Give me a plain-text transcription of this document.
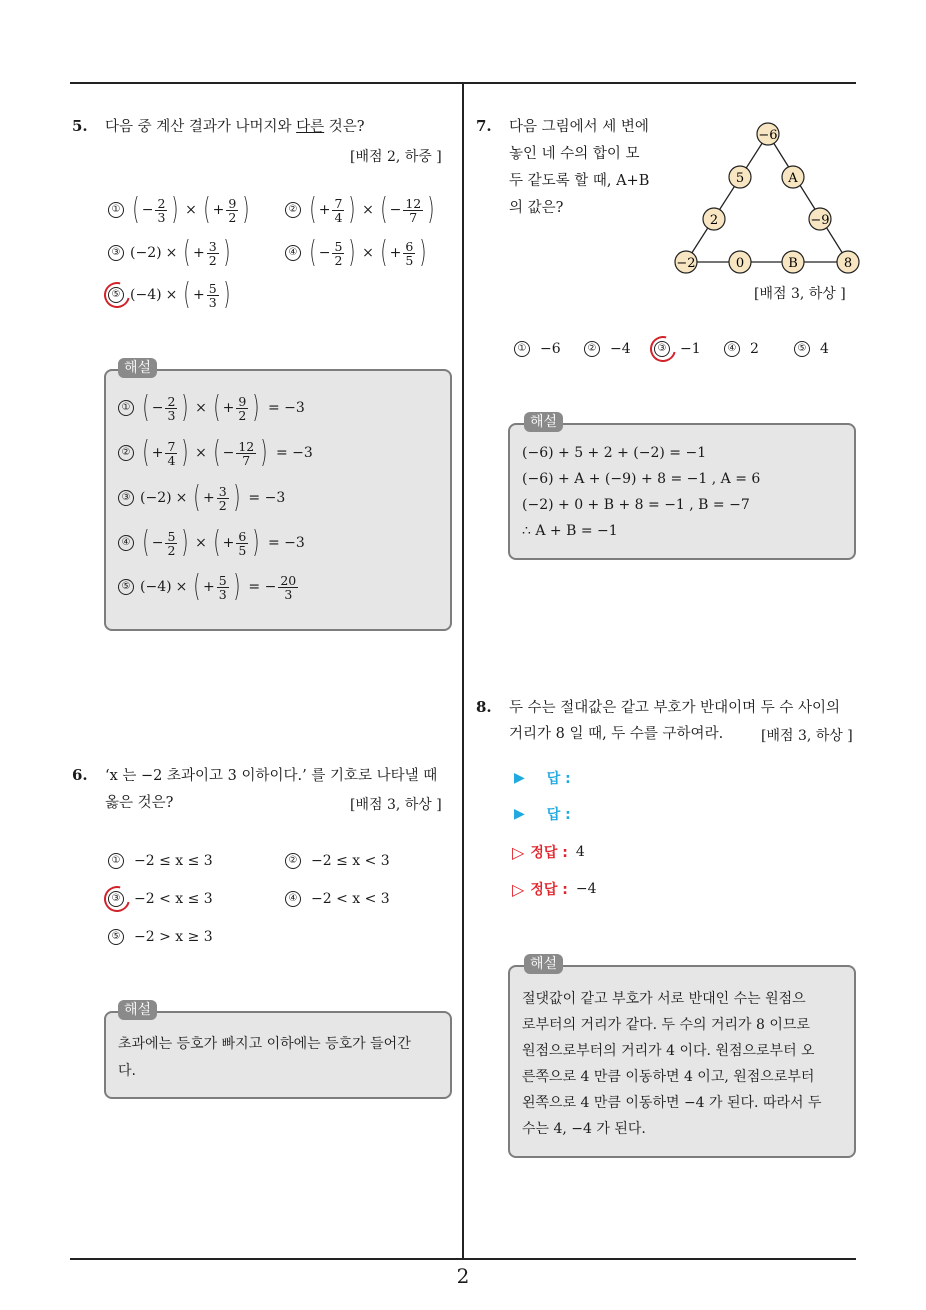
5. 다음 중 계산 결과가 나머지와 다른 것은?
[배점 2, 하중 ]
① ( − $\frac{2}{3}$ ) × ( + $\frac{9}{2}$ )	② ( + $\frac{7}{4}$ ) × ( − $\frac{12}{7}$ )
③ (−2) × ( + $\frac{3}{2}$ )	④ ( − $\frac{5}{2}$ ) × ( + $\frac{6}{5}$ )
⑤ (−4) × ( + $\frac{5}{3}$ )
해설
① ( − $\frac{2}{3}$ ) × ( + $\frac{9}{2}$ ) = −3
② ( + $\frac{7}{4}$ ) × ( − $\frac{12}{7}$ ) = −3
③ (−2) × ( + $\frac{3}{2}$ ) = −3
④ ( − $\frac{5}{2}$ ) × ( + $\frac{6}{5}$ ) = −3
⑤ (−4) × ( + $\frac{5}{3}$ ) = − $\frac{20}{3}$
6. ‘x 는 −2 초과이고 3 이하이다.’ 를 기호로 나타낼 때
옳은 것은?	[배점 3, 하상 ]
① −2 ≤ x ≤ 3	② −2 ≤ x < 3
③ −2 < x ≤ 3	④ −2 < x < 3
⑤ −2 > x ≥ 3
해설
초과에는 등호가 빠지고 이하에는 등호가 들어간
다.
7. 다음 그림에서 세 변에
놓인 네 수의 합이 모
두 같도록 할 때, A+B
의 값은?
−6
5	A
2	−9
−2	0	B	8
[배점 3, 하상 ]
① −6	② −4	③ −1	④ 2	⑤ 4
해설
(−6) + 5 + 2 + (−2) = −1
(−6) + A + (−9) + 8 = −1 , A = 6
(−2) + 0 + B + 8 = −1 , B = −7
∴ A + B = −1
8. 두 수는 절대값은 같고 부호가 반대이며 두 수 사이의
거리가 8 일 때, 두 수를 구하여라.	[배점 3, 하상 ]
▶ 답 :
▶ 답 :
▷ 정답 : 4
▷ 정답 : −4
해설
절댓값이 같고 부호가 서로 반대인 수는 원점으
로부터의 거리가 같다. 두 수의 거리가 8 이므로
원점으로부터의 거리가 4 이다. 원점으로부터 오
른쪽으로 4 만큼 이동하면 4 이고, 원점으로부터
왼쪽으로 4 만큼 이동하면 −4 가 된다. 따라서 두
수는 4, −4 가 된다.
2
